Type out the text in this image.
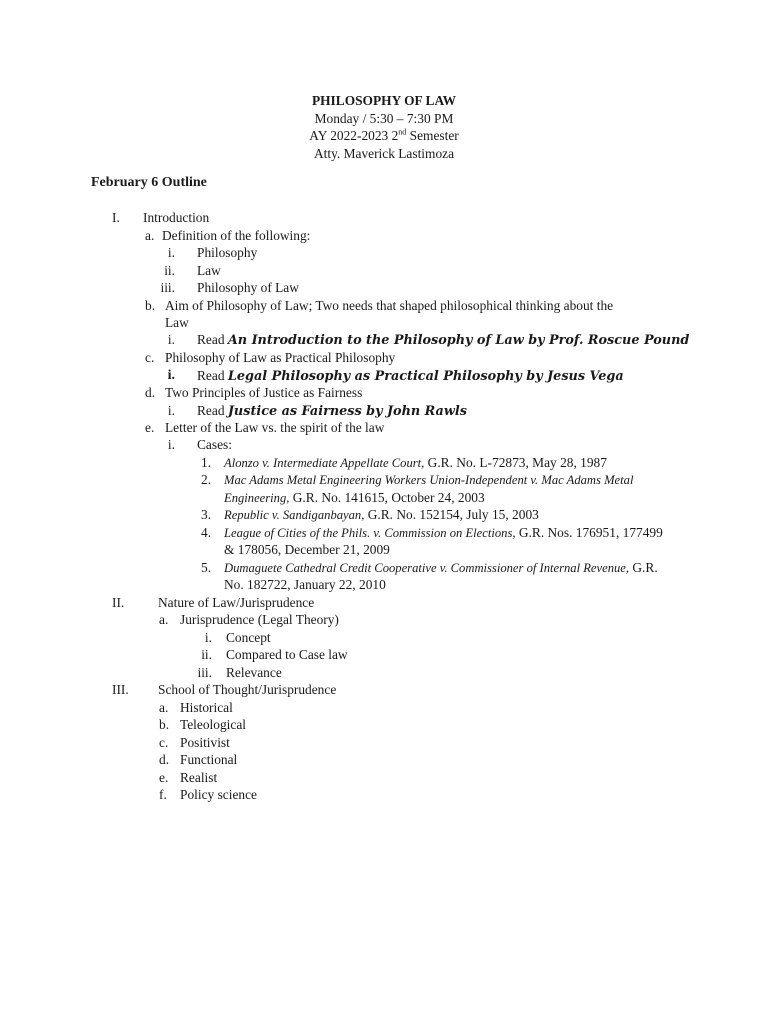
PHILOSOPHY OF LAW
Monday / 5:30 – 7:30 PM
AY 2022-2023 2nd Semester
Atty. Maverick Lastimoza
February 6 Outline
I. Introduction
a. Definition of the following:
i. Philosophy
ii. Law
iii. Philosophy of Law
b. Aim of Philosophy of Law; Two needs that shaped philosophical thinking about the
Law
i. Read An Introduction to the Philosophy of Law by Prof. Roscue Pound
c. Philosophy of Law as Practical Philosophy
i. Read Legal Philosophy as Practical Philosophy by Jesus Vega
d. Two Principles of Justice as Fairness
i. Read Justice as Fairness by John Rawls
e. Letter of the Law vs. the spirit of the law
i. Cases:
1. Alonzo v. Intermediate Appellate Court, G.R. No. L-72873, May 28, 1987
2. Mac Adams Metal Engineering Workers Union-Independent v. Mac Adams Metal
Engineering, G.R. No. 141615, October 24, 2003
3. Republic v. Sandiganbayan, G.R. No. 152154, July 15, 2003
4. League of Cities of the Phils. v. Commission on Elections, G.R. Nos. 176951, 177499
& 178056, December 21, 2009
5. Dumaguete Cathedral Credit Cooperative v. Commissioner of Internal Revenue, G.R.
No. 182722, January 22, 2010
II.	Nature of Law/Jurisprudence
a. Jurisprudence (Legal Theory)
i. Concept
ii. Compared to Case law
iii. Relevance
III. School of Thought/Jurisprudence
a. Historical
b. Teleological
c. Positivist
d. Functional
e. Realist
f. Policy science
